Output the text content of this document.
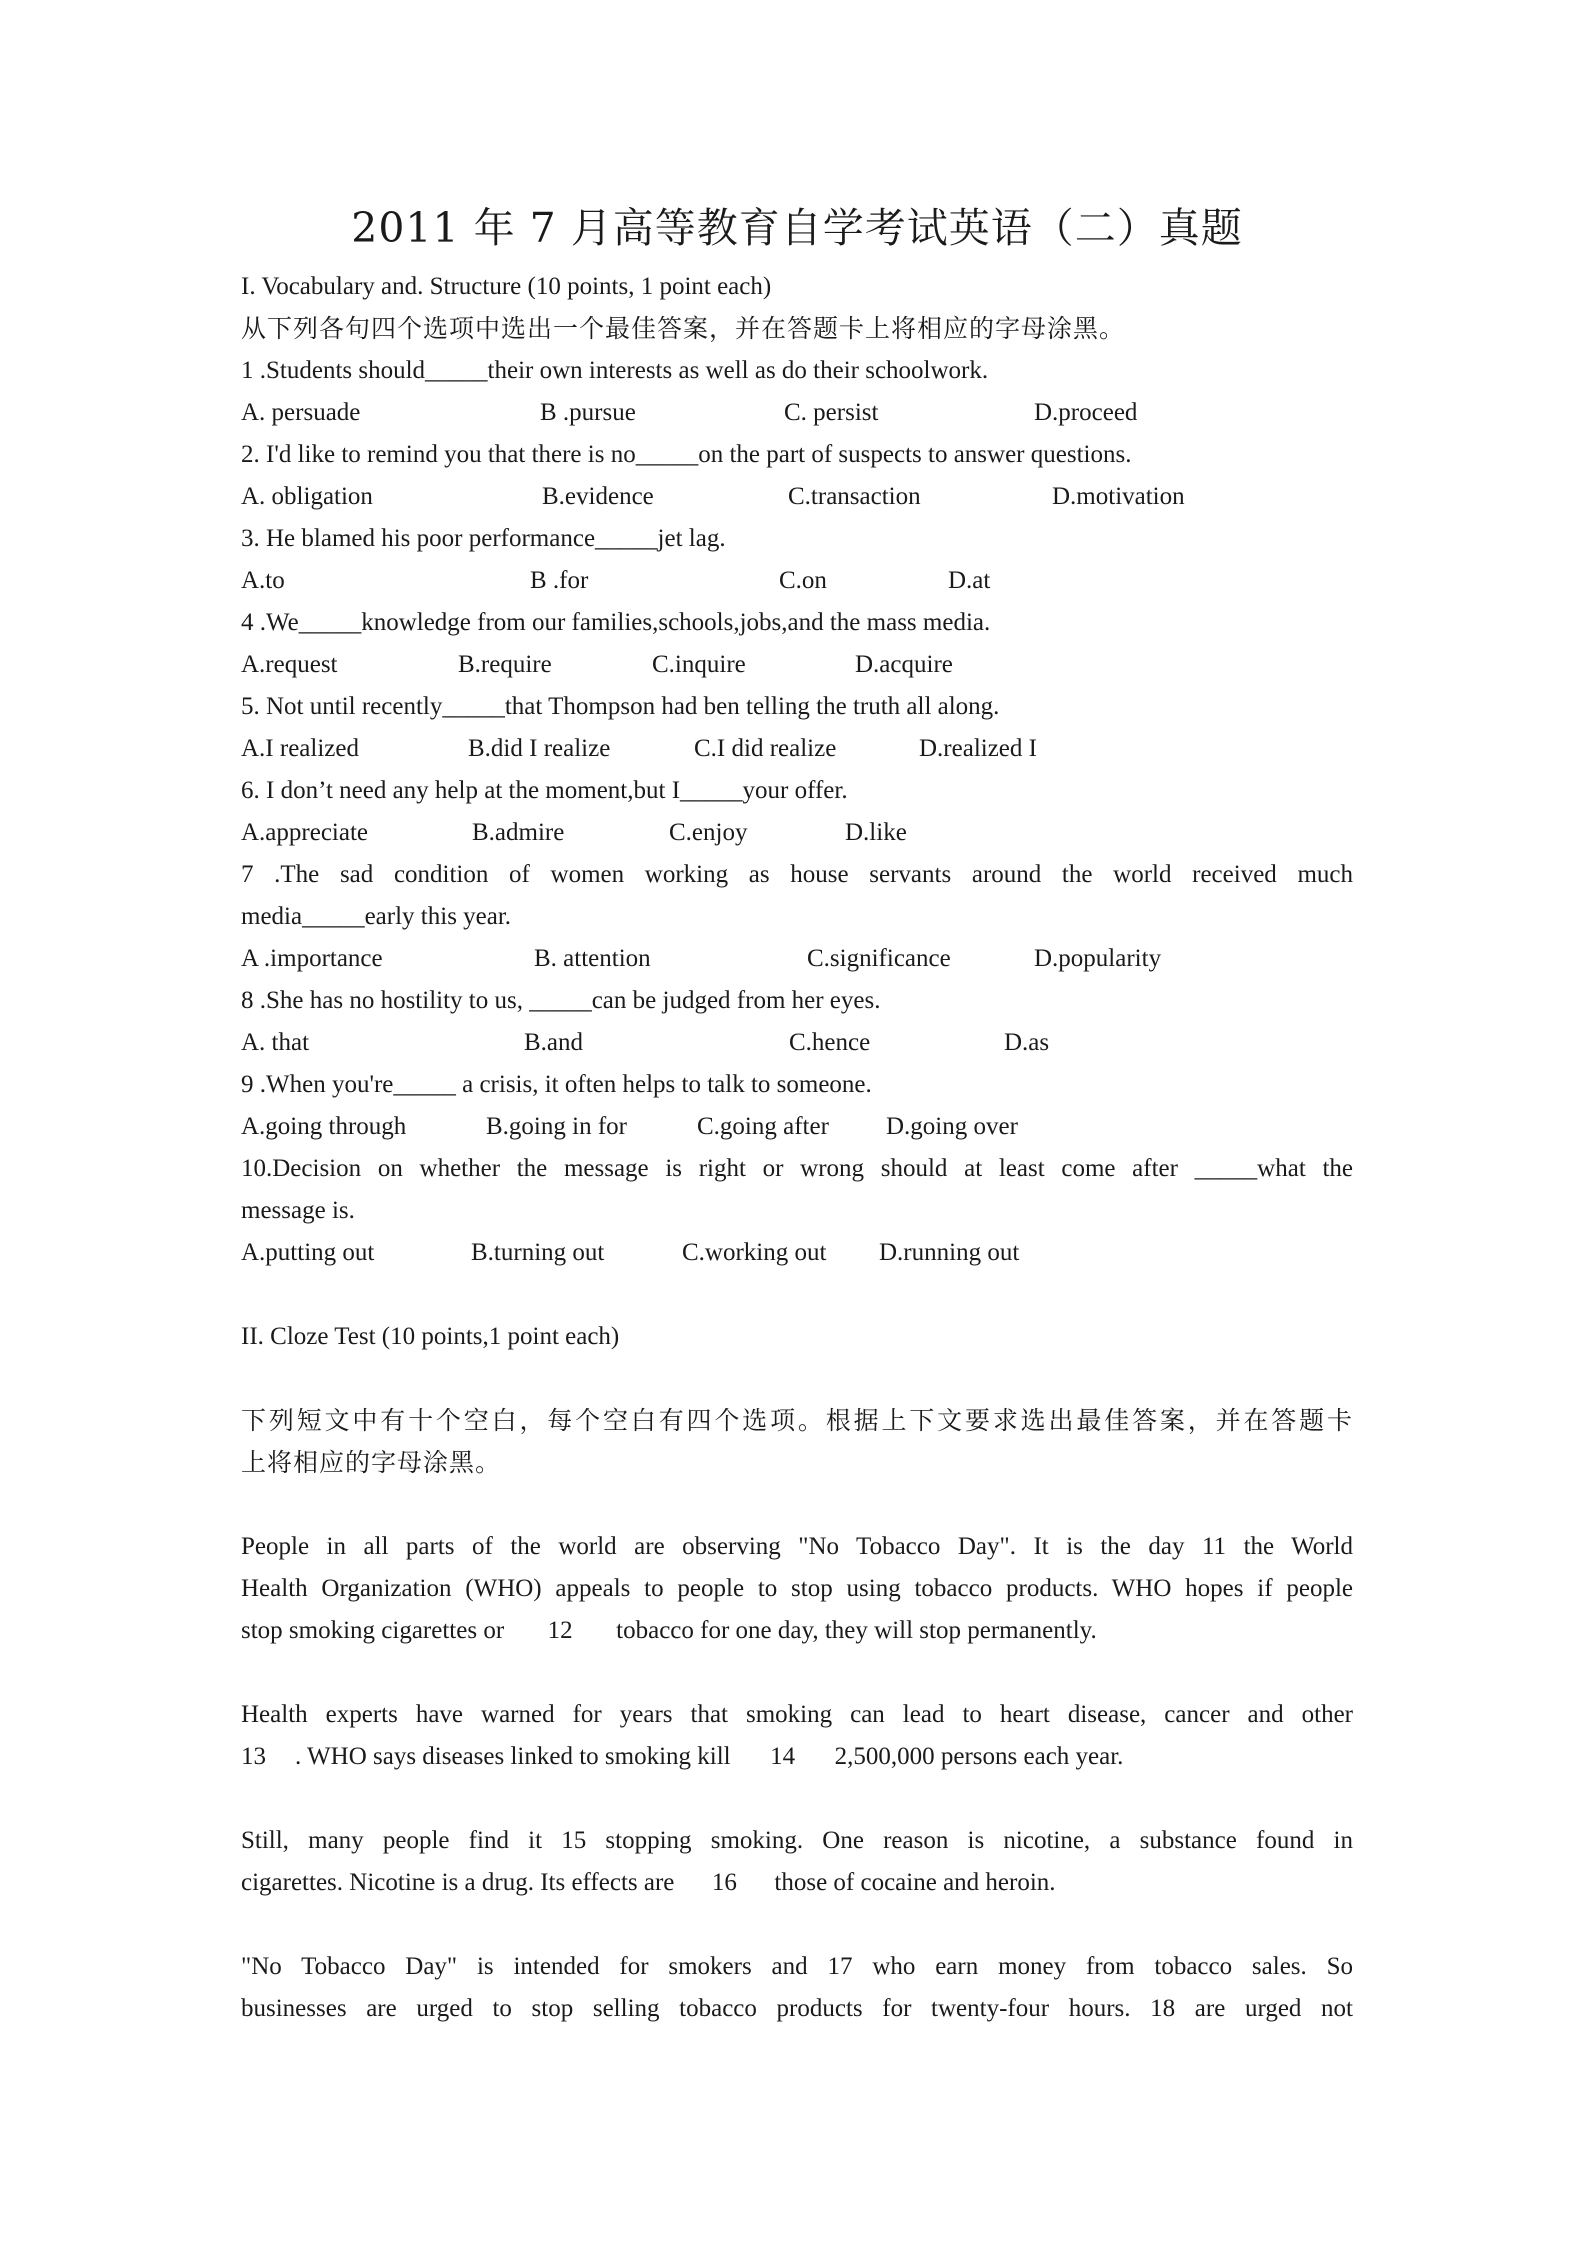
2011 年 7 月高等教育自学考试英语（二）真题

I. Vocabulary and. Structure (10 points, 1 point each)

从下列各句四个选项中选出一个最佳答案，并在答题卡上将相应的字母涂黑。

1 .Students should_____their own interests as well as do their schoolwork.

A. persuade	B .pursue	C. persist	D.proceed

2. I'd like to remind you that there is no_____on the part of suspects to answer questions.

A. obligation	B.evidence	C.transaction	D.motivation

3. He blamed his poor performance_____jet lag.

A.to	B .for	C.on	D.at

4 .We_____knowledge from our families,schools,jobs,and the mass media.

A.request	B.require	C.inquire	D.acquire

5. Not until recently_____that Thompson had ben telling the truth all along.

A.I realized	B.did I realize	C.I did realize	D.realized I

6. I don’t need any help at the moment,but I_____your offer.

A.appreciate	B.admire	C.enjoy	D.like

7 .The sad condition of women working as house servants around the world received much

media_____early this year.

A .importance	B. attention	C.significance	D.popularity

8 .She has no hostility to us, _____can be judged from her eyes.

A. that	B.and	C.hence	D.as

9 .When you're_____ a crisis, it often helps to talk to someone.

A.going through	B.going in for	C.going after D.going over

10.Decision on whether the message is right or wrong should at least come after _____what the

message is.

A.putting out	B.turning out	C.working out D.running out

II. Cloze Test (10 points,1 point each)

下列短文中有十个空白，每个空白有四个选项。根据上下文要求选出最佳答案，并在答题卡

上将相应的字母涂黑。

People in all parts of the world are observing "No Tobacco Day". It is the day 11 the World

Health Organization (WHO) appeals to people to stop using tobacco products. WHO hopes if people

stop smoking cigarettes or 12 tobacco for one day, they will stop permanently.

Health experts have warned for years that smoking can lead to heart disease, cancer and other

13 . WHO says diseases linked to smoking kill 14 2,500,000 persons each year.

Still, many people find it 15 stopping smoking. One reason is nicotine, a substance found in

cigarettes. Nicotine is a drug. Its effects are 16 those of cocaine and heroin.

"No Tobacco Day" is intended for smokers and 17 who earn money from tobacco sales. So

businesses are urged to stop selling tobacco products for twenty-four hours. 18 are urged not
